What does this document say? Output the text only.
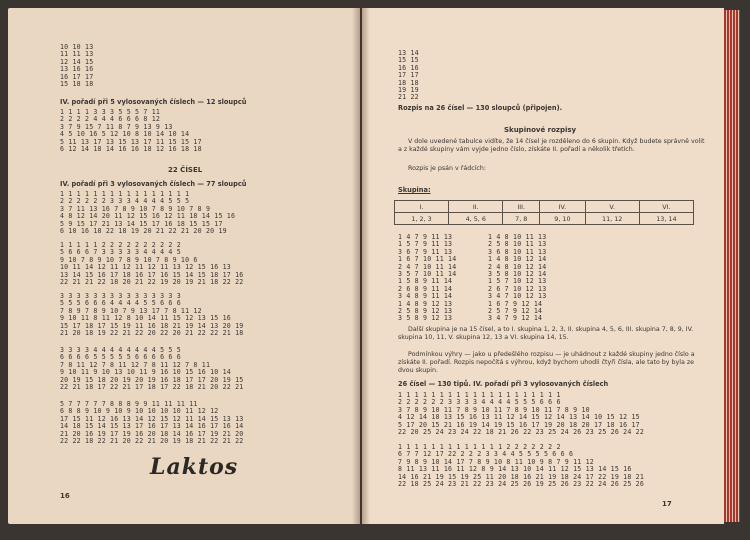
10 10 13
11 11 13
12 14 15
13 16 16
16 17 17
15 18 18
IV. pořadí při 5 vylosovaných číslech — 12 sloupců
1 1 1 1 3 3 3 5 5 5 7 11
2 2 2 2 4 4 4 6 6 6 8 12
3 7 9 15 7 11 8 7 9 13 9 13
4 5 10 16 5 12 10 8 10 14 10 14
5 11 13 17 13 15 13 17 11 15 15 17
6 12 14 18 14 16 16 18 12 16 18 18
22 ČÍSEL
IV. pořadí při 3 vylosovaných číslech — 77 sloupců
1 1 1 1 1 1 1 1 1 1 1 1 1 1 1 1
2 2 2 2 2 2 3 3 3 4 4 4 4 5 5 5
3 7 11 13 16 7 8 9 10 7 8 9 10 7 8 9
4 8 12 14 20 11 12 15 16 12 11 18 14 15 16
5 9 15 17 21 13 14 15 17 16 18 15 15 17
6 10 16 18 22 18 19 20 21 22 21 20 20 19
1 1 1 1 1 2 2 2 2 2 2 2 2 2 2
5 6 6 6 7 3 3 3 3 3 4 4 4 4 5
9 10 7 8 9 10 7 8 9 10 7 8 9 10 6
10 11 14 12 11 12 11 12 11 13 12 15 16 13
13 14 15 16 17 18 16 17 16 15 14 15 18 17 16
22 21 21 22 18 20 21 22 19 20 19 21 18 22 22
3 3 3 3 3 3 3 3 3 3 3 3 3 3 3
5 5 5 6 6 6 4 4 4 4 5 5 6 6 6
7 8 9 7 8 9 10 7 9 13 17 7 8 11 12
9 10 11 8 11 12 8 10 14 11 15 12 13 15 16
15 17 18 17 15 19 11 16 18 21 19 14 13 20 19
21 20 18 19 22 21 22 20 22 20 21 22 22 21 18
3 3 3 3 4 4 4 4 4 4 4 4 5 5 5
6 6 6 6 5 5 5 5 5 6 6 6 6 6 6
7 8 11 12 7 8 11 12 7 8 11 12 7 8 11
9 10 11 9 10 13 10 11 9 16 10 15 16 10 14
20 19 15 18 20 19 20 19 16 18 17 17 20 19 15
22 21 18 17 22 21 17 18 17 22 18 21 20 22 21
5 7 7 7 7 7 8 8 8 9 9 11 11 11 11
6 8 8 9 10 9 10 9 10 10 10 10 11 12 12
17 15 11 12 16 13 14 12 15 12 11 14 15 13 13
14 18 15 14 15 13 17 16 17 13 14 16 17 16 14
21 20 16 19 17 19 16 20 18 14 16 17 19 21 20
22 22 18 22 21 20 22 21 20 19 18 21 22 21 22
Laktos
16
13 14
15 15
16 16
17 17
18 18
19 19
21 22
Rozpis na 26 čísel — 130 sloupců (připojen).
Skupinové rozpisy
V dole uvedené tabulce vidíte, že 14 čísel je rozděleno do 6 skupin. Když budete správně volit a z každé skupiny vám vyjde jedno číslo, získáte II. pořadí a několik třetích.
Rozpis je psán v řádcích:
Skupina:
I.	II.	III.	IV.	V.	VI.
1, 2, 3	4, 5, 6	7, 8	9, 10	11, 12	13, 14
1 4 7 9 11 13
1 5 7 9 11 13
3 6 7 9 11 13
1 6 7 10 11 14
2 4 7 10 11 14
3 5 7 10 11 14
1 5 8 9 11 14
2 6 8 9 11 14
3 4 8 9 11 14
1 4 8 9 12 13
2 5 8 9 12 13
3 5 8 9 12 13
1 4 8 10 11 13
2 5 8 10 11 13
3 6 8 10 11 13
1 4 8 10 12 14
2 4 8 10 12 14
3 5 8 10 12 14
1 5 7 10 12 13
2 6 7 10 12 13
3 4 7 10 12 13
1 6 7 9 12 14
2 5 7 9 12 14
3 4 7 9 12 14
Další skupina je na 15 čísel, a to I. skupina 1, 2, 3, II. skupina 4, 5, 6, III. skupina 7, 8, 9, IV. skupina 10, 11, V. skupina 12, 13 a VI. skupina 14, 15.
Podmínkou výhry — jako u předešlého rozpisu — je uhádnout z každé skupiny jedno číslo a získáte II. pořadí. Rozpis nepočítá s výhrou, když bychom uhodli čtyři čísla, ale tato by byla ze dvou skupin.
26 čísel — 130 tipů. IV. pořadí při 3 vylosovaných číslech
1 1 1 1 1 1 1 1 1 1 1 1 1 1 1 1 1 1 1 1
2 2 2 2 2 2 3 3 3 3 4 4 4 4 5 5 5 6 6 6
3 7 8 9 10 11 7 8 9 10 11 7 8 9 10 11 7 8 9 10
4 12 14 18 13 15 16 13 11 12 14 15 12 14 13 14 10 15 12 15
5 17 20 15 21 16 19 14 19 15 16 17 19 20 18 20 17 18 16 17
22 20 25 24 23 24 22 18 21 26 22 23 25 24 26 23 25 26 24 22
1 1 1 1 1 1 1 1 1 1 1 1 1 2 2 2 2 2 2 2
6 7 7 12 17 22 2 2 2 3 3 4 4 5 5 5 5 6 6 6
7 9 8 9 10 14 17 7 8 9 10 8 11 10 9 8 7 9 11 12
8 11 13 11 16 11 12 8 9 14 13 10 14 11 12 15 13 14 15 16
14 16 21 19 15 19 25 11 20 18 16 21 19 18 24 17 22 19 18 21
22 18 25 24 23 21 22 23 24 25 26 19 25 26 23 22 24 26 25 26
17
